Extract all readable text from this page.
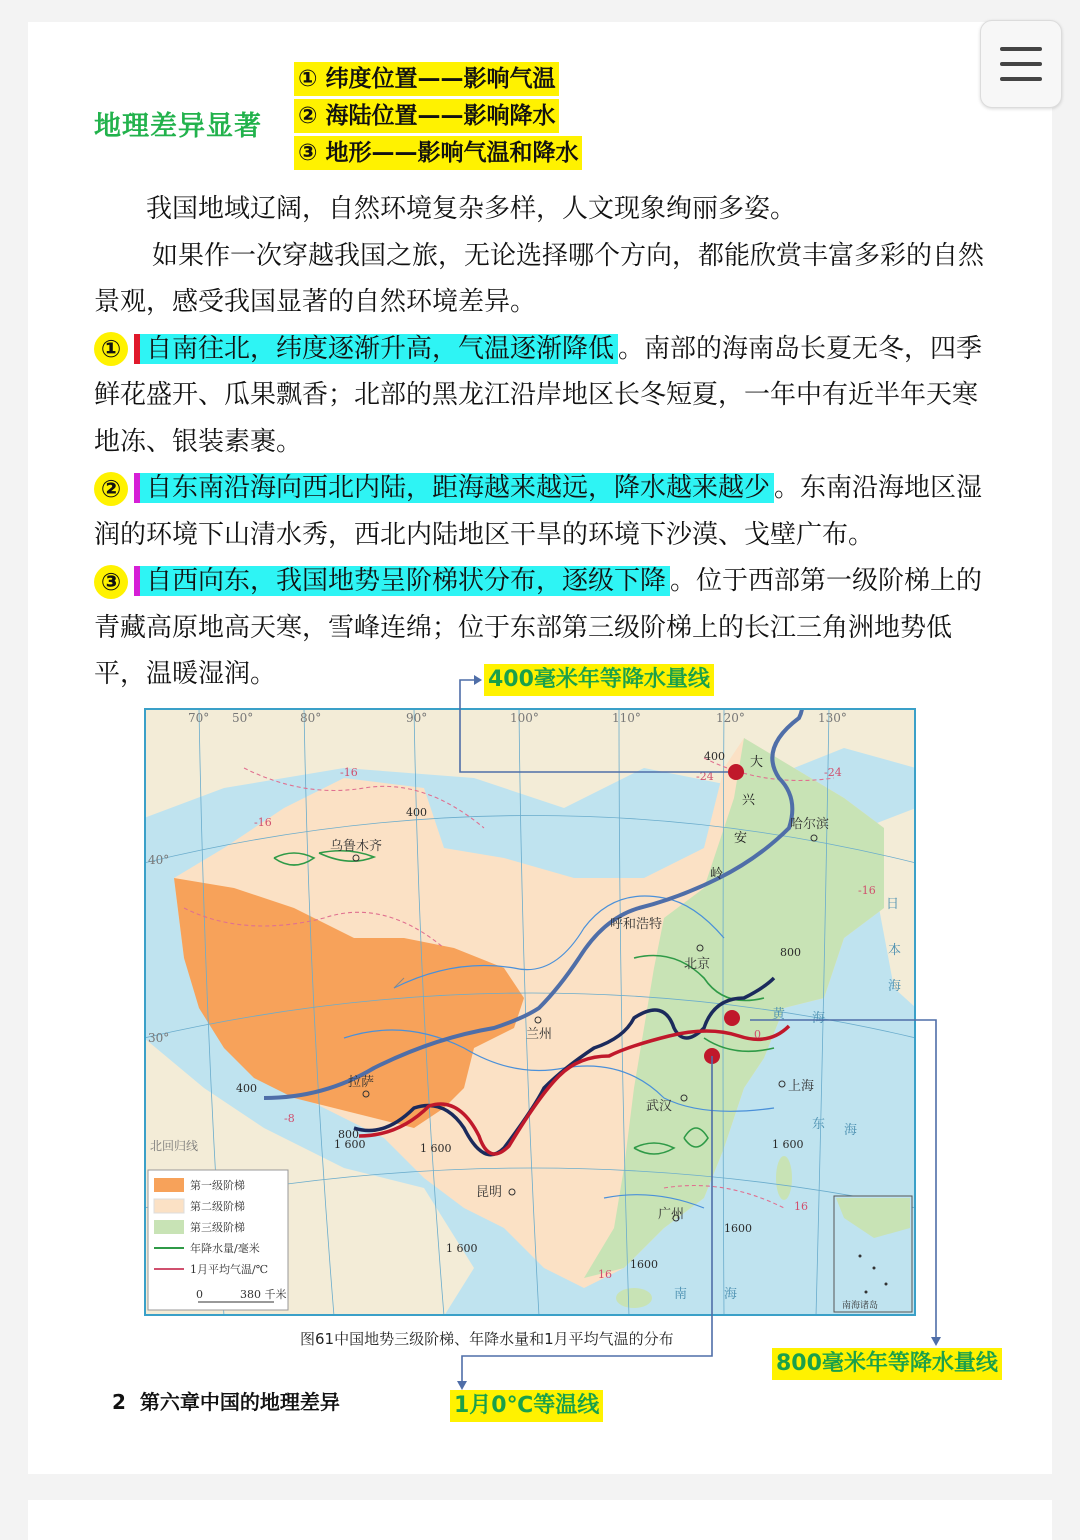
地理差异显著
① 纬度位置——影响气温
② 海陆位置——影响降水
③ 地形——影响气温和降水

我国地域辽阔，自然环境复杂多样，人文现象绚丽多姿。

如果作一次穿越我国之旅，无论选择哪个方向，都能欣赏丰富多彩的自然景观，感受我国显著的自然环境差异。

① 自南往北，纬度逐渐升高，气温逐渐降低 。南部的海南岛长夏无冬，四季鲜花盛开、瓜果飘香；北部的黑龙江沿岸地区长冬短夏，一年中有近半年天寒地冻、银装素裹。

② 自东南沿海向西北内陆，距海越来越远，降水越来越少 。东南沿海地区湿润的环境下山清水秀，西北内陆地区干旱的环境下沙漠、戈壁广布。

③ 自西向东，我国地势呈阶梯状分布，逐级下降 。位于西部第一级阶梯上的青藏高原地高天寒，雪峰连绵；位于东部第三级阶梯上的长江三角洲地势低平，温暖湿润。

70° 50°	80°	90°	100°	110°	120°	130°
40°
30°
北回归线
乌鲁木齐
呼和浩特
北京
哈尔滨
兰州
拉萨
武汉
上海
昆明
广州
大
兴
安
岭
黄 海
东 海
南	海
日
本
海
400
400
400
800
800
1 600	1 600	1 600
1 600
-16
-16
-16
-24	-24
-8
0
16
16
1600
1600
第一级阶梯
第二级阶梯
第三级阶梯
年降水量/毫米
1月平均气温/℃
0	380 千米
南海诸岛
图61中国地势三级阶梯、年降水量和1月平均气温的分布
2 第六章中国的地理差异
400毫米年等降水量线
800毫米年等降水量线
1月0℃等温线
